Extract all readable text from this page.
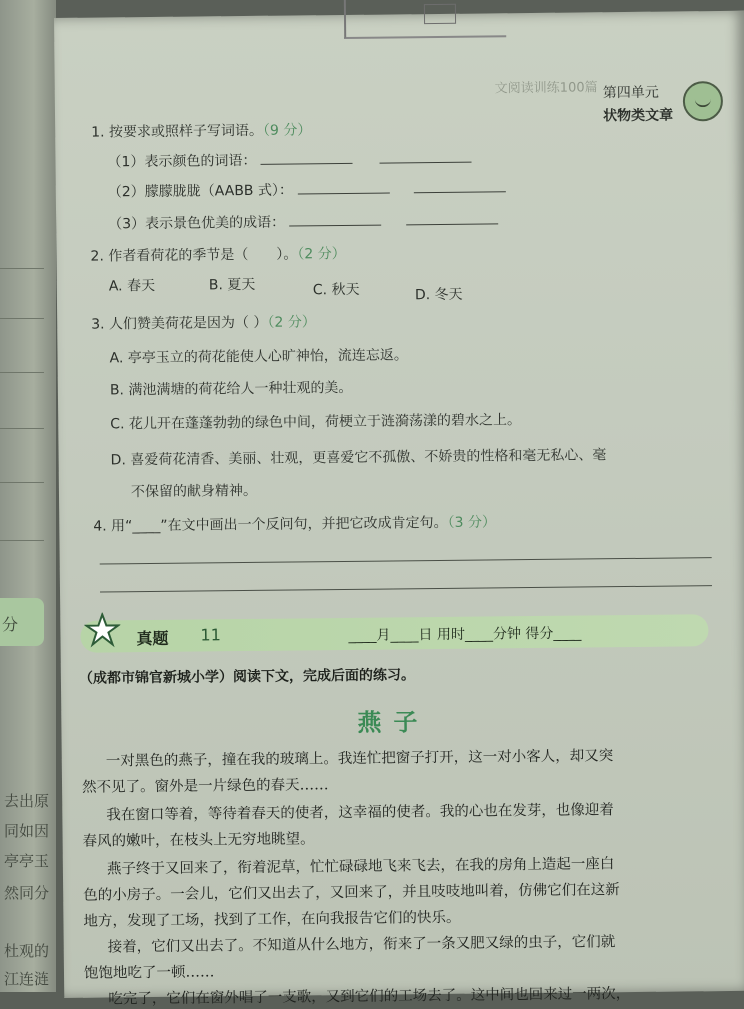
分
去出原
同如因
亭亭玉
然同分
杜观的
江连涟
文阅读训练100篇 第四单元
状物类文章
1. 按要求或照样子写词语。（9 分）
（1）表示颜色的词语：
（2）朦朦胧胧（AABB 式）：
（3）表示景色优美的成语：
2. 作者看荷花的季节是（ ）。（2 分）
A. 春天	B. 夏天	C. 秋天	D. 冬天
3. 人们赞美荷花是因为（ ）（2 分）
A. 亭亭玉立的荷花能使人心旷神怡，流连忘返。
B. 满池满塘的荷花给人一种壮观的美。
C. 花儿开在蓬蓬勃勃的绿色中间，荷梗立于涟漪荡漾的碧水之上。
D. 喜爱荷花清香、美丽、壮观，更喜爱它不孤傲、不娇贵的性格和毫无私心、毫
不保留的献身精神。
4. 用“____”在文中画出一个反问句，并把它改成肯定句。（3 分）
真题 11	____月____日 用时____分钟 得分____
（成都市锦官新城小学）阅读下文，完成后面的练习。
燕子
一对黑色的燕子，撞在我的玻璃上。我连忙把窗子打开，这一对小客人，却又突
然不见了。窗外是一片绿色的春天……
我在窗口等着，等待着春天的使者，这幸福的使者。我的心也在发芽，也像迎着
春风的嫩叶，在枝头上无穷地眺望。
燕子终于又回来了，衔着泥草，忙忙碌碌地飞来飞去，在我的房角上造起一座白
色的小房子。一会儿，它们又出去了，又回来了，并且吱吱地叫着，仿佛它们在这新
地方，发现了工场，找到了工作，在向我报告它们的快乐。
接着，它们又出去了。不知道从什么地方，衔来了一条又肥又绿的虫子，它们就
饱饱地吃了一顿……
吃完了，它们在窗外唱了一支歌，又到它们的工场去了。这中间也回来过一两次，
